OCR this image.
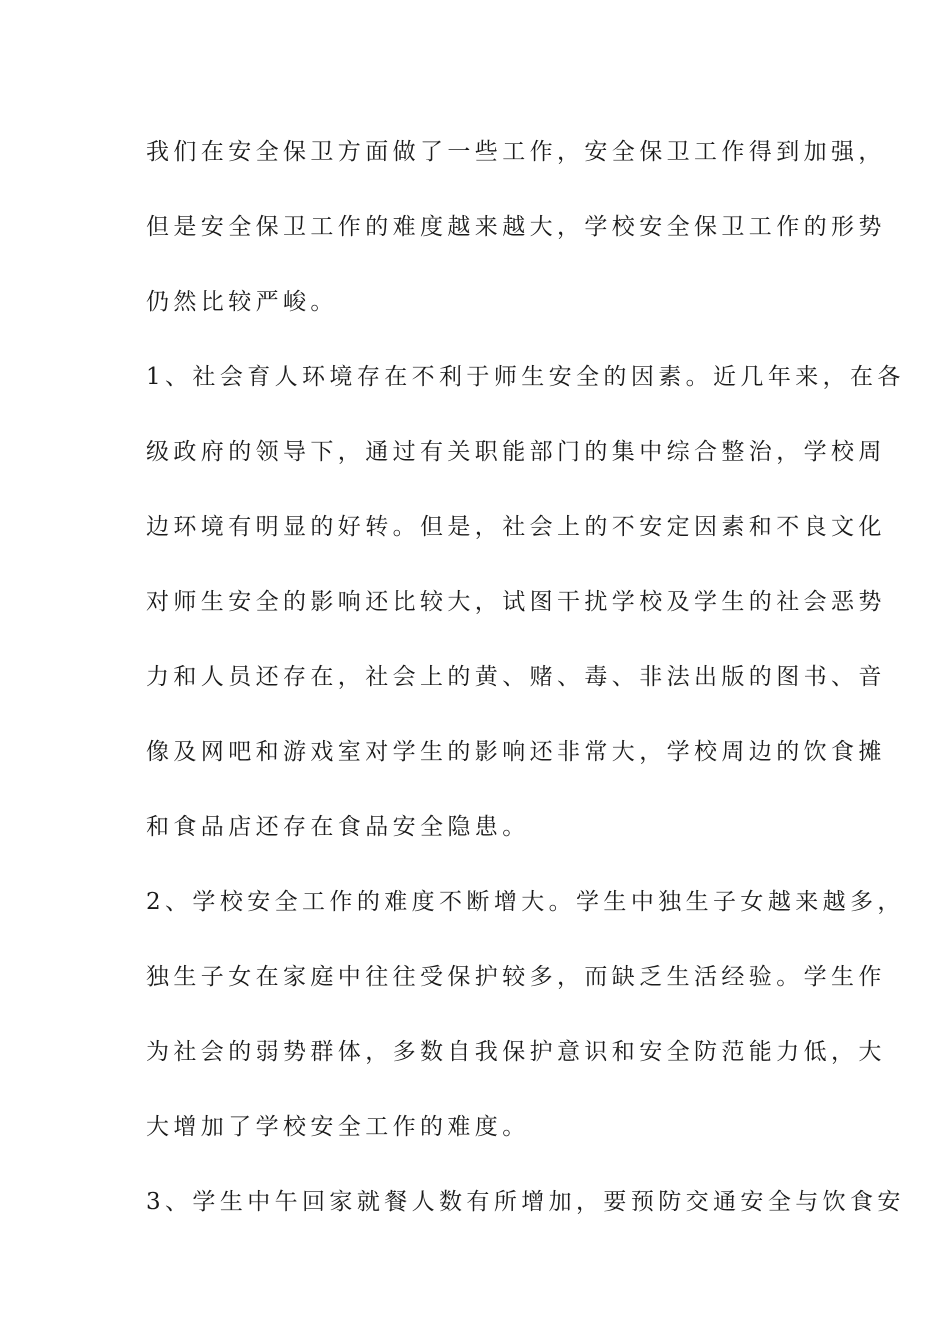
我们在安全保卫方面做了一些工作，安全保卫工作得到加强，
但是安全保卫工作的难度越来越大，学校安全保卫工作的形势
仍然比较严峻。
1、社会育人环境存在不利于师生安全的因素。近几年来，在各
级政府的领导下，通过有关职能部门的集中综合整治，学校周
边环境有明显的好转。但是，社会上的不安定因素和不良文化
对师生安全的影响还比较大，试图干扰学校及学生的社会恶势
力和人员还存在，社会上的黄、赌、毒、非法出版的图书、音
像及网吧和游戏室对学生的影响还非常大，学校周边的饮食摊
和食品店还存在食品安全隐患。
2、学校安全工作的难度不断增大。学生中独生子女越来越多，
独生子女在家庭中往往受保护较多，而缺乏生活经验。学生作
为社会的弱势群体，多数自我保护意识和安全防范能力低，大
大增加了学校安全工作的难度。
3、学生中午回家就餐人数有所增加，要预防交通安全与饮食安
